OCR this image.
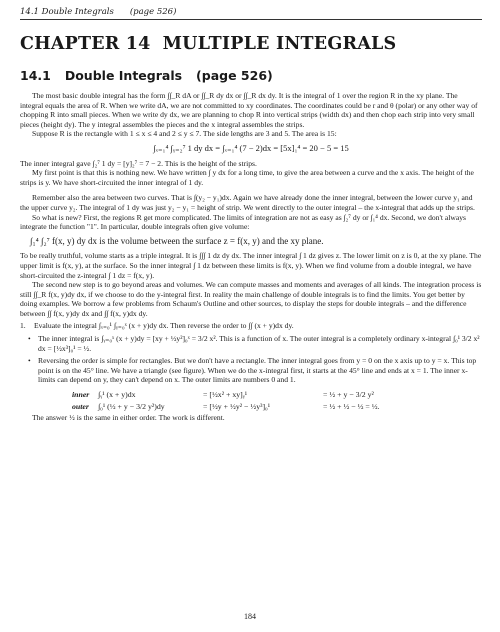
14.1 Double Integrals (page 526)
CHAPTER 14 MULTIPLE INTEGRALS
14.1 Double Integrals (page 526)

The most basic double integral has the form ∫∫_R dA or ∫∫_R dy dx or ∫∫_R dx dy. It is the integral of 1 over the region R in the xy plane. The integral equals the area of R. When we write dA, we are not committed to xy coordinates. The coordinates could be r and θ (polar) or any other way of chopping R into small pieces. When we write dy dx, we are planning to chop R into vertical strips (width dx) and then chop each strip into very small pieces (height dy). The y integral assembles the pieces and the x integral assembles the strips.

Suppose R is the rectangle with 1 ≤ x ≤ 4 and 2 ≤ y ≤ 7. The side lengths are 3 and 5. The area is 15:

∫ₓ₌₁⁴ ∫ᵧ₌₂⁷ 1 dy dx = ∫ₓ₌₁⁴ (7 − 2)dx = [5x]₁⁴ = 20 − 5 = 15

The inner integral gave ∫₂⁷ 1 dy = [y]₂⁷ = 7 − 2. This is the height of the strips.

My first point is that this is nothing new. We have written ∫ y dx for a long time, to give the area between a curve and the x axis. The height of the strips is y. We have short-circuited the inner integral of 1 dy.

Remember also the area between two curves. That is ∫(y₂ − y₁)dx. Again we have already done the inner integral, between the lower curve y₁ and the upper curve y₂. The integral of 1 dy was just y₂ − y₁ = height of strip. We went directly to the outer integral – the x-integral that adds up the strips.

So what is new? First, the regions R get more complicated. The limits of integration are not as easy as ∫₂⁷ dy or ∫₁⁴ dx. Second, we don't always integrate the function "1". In particular, double integrals often give volume:

∫₁⁴ ∫₂⁷ f(x, y) dy dx is the volume between the surface z = f(x, y) and the xy plane.

To be really truthful, volume starts as a triple integral. It is ∫∫∫ 1 dz dy dx. The inner integral ∫ 1 dz gives z. The lower limit on z is 0, at the xy plane. The upper limit is f(x, y), at the surface. So the inner integral ∫ 1 dz between these limits is f(x, y). When we find volume from a double integral, we have short-circuited the z-integral ∫ 1 dz = f(x, y).

The second new step is to go beyond areas and volumes. We can compute masses and moments and averages of all kinds. The integration process is still ∫∫_R f(x, y)dy dx, if we choose to do the y-integral first. In reality the main challenge of double integrals is to find the limits. You get better by doing examples. We borrow a few problems from Schaum's Outline and other sources, to display the steps for double integrals – and the difference between ∫∫ f(x, y)dy dx and ∫∫ f(x, y)dx dy.

1. Evaluate the integral ∫ₓ₌₀¹ ∫ᵧ₌₀ˣ (x + y)dy dx. Then reverse the order to ∫∫ (x + y)dx dy.
• The inner integral is ∫ᵧ₌₀ˣ (x + y)dy = [xy + ½y²]₀ˣ = 3/2 x². This is a function of x. The outer integral is a completely ordinary x-integral ∫₀¹ 3/2 x² dx = [½x³]₀¹ = ½.
• Reversing the order is simple for rectangles. But we don't have a rectangle. The inner integral goes from y = 0 on the x axis up to y = x. This top point is on the 45° line. We have a triangle (see figure). When we do the x-integral first, it starts at the 45° line and ends at x = 1. The inner x-limits can depend on y, they can't depend on x. The outer limits are numbers 0 and 1.
inner	∫ᵧ¹ (x + y)dx	= [½x² + xy]ᵧ¹	= ½ + y − 3/2 y²
outer	∫₀¹ (½ + y − 3/2 y²)dy	= [½y + ½y² − ½y³]₀¹	= ½ + ½ − ½ = ½.

The answer ½ is the same in either order. The work is different.

184
